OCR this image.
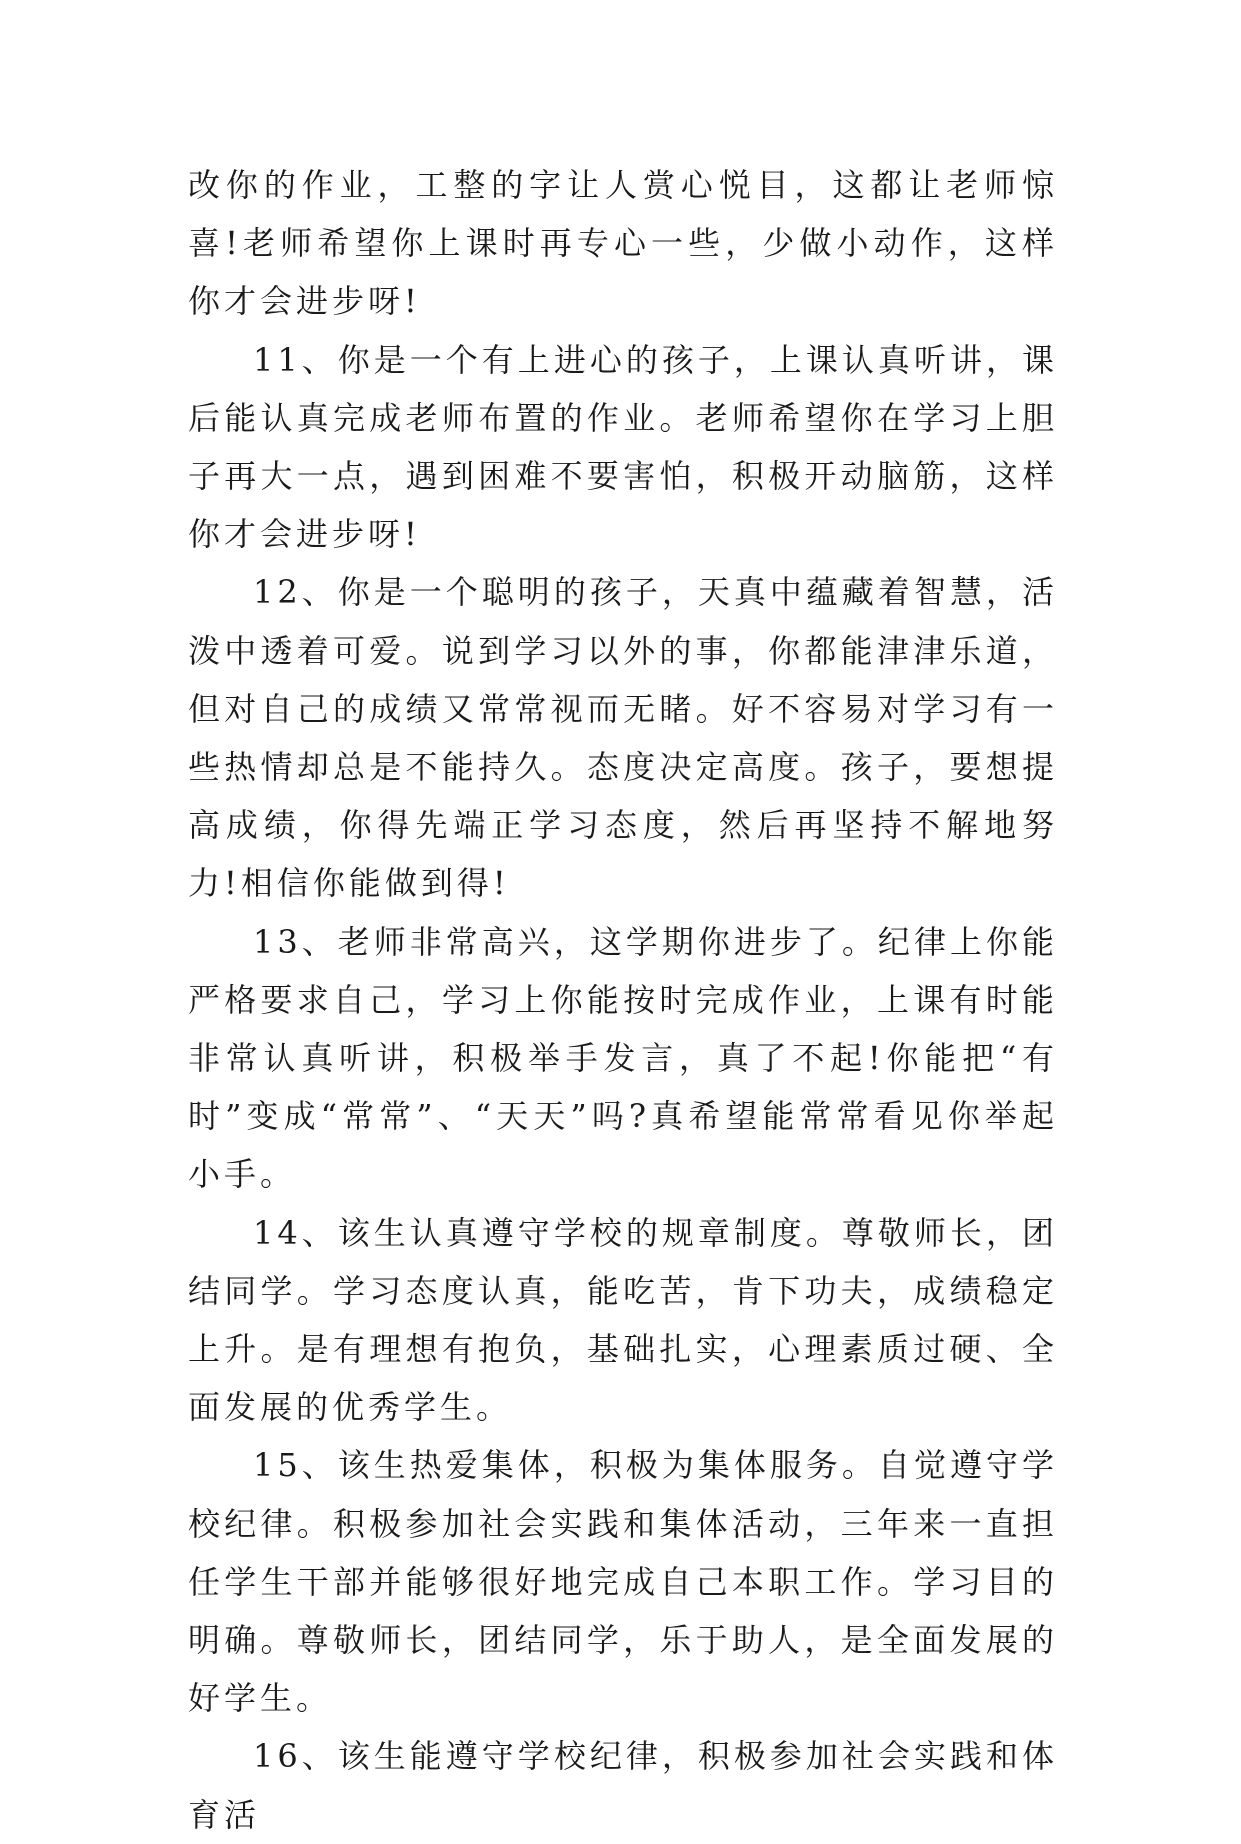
改你的作业，工整的字让人赏心悦目，这都让老师惊喜!老师希望你上课时再专心一些，少做小动作，这样你才会进步呀!

11、你是一个有上进心的孩子，上课认真听讲，课后能认真完成老师布置的作业。老师希望你在学习上胆子再大一点，遇到困难不要害怕，积极开动脑筋，这样你才会进步呀!

12、你是一个聪明的孩子，天真中蕴藏着智慧，活泼中透着可爱。说到学习以外的事，你都能津津乐道，但对自己的成绩又常常视而无睹。好不容易对学习有一些热情却总是不能持久。态度决定高度。孩子，要想提高成绩，你得先端正学习态度，然后再坚持不解地努力!相信你能做到得!

13、老师非常高兴，这学期你进步了。纪律上你能严格要求自己，学习上你能按时完成作业，上课有时能非常认真听讲，积极举手发言，真了不起!你能把“有时”变成“常常”、“天天”吗?真希望能常常看见你举起小手。

14、该生认真遵守学校的规章制度。尊敬师长，团结同学。学习态度认真，能吃苦，肯下功夫，成绩稳定上升。是有理想有抱负，基础扎实，心理素质过硬、全面发展的优秀学生。

15、该生热爱集体，积极为集体服务。自觉遵守学校纪律。积极参加社会实践和集体活动，三年来一直担任学生干部并能够很好地完成自己本职工作。学习目的明确。尊敬师长，团结同学，乐于助人，是全面发展的好学生。

16、该生能遵守学校纪律，积极参加社会实践和体育活
